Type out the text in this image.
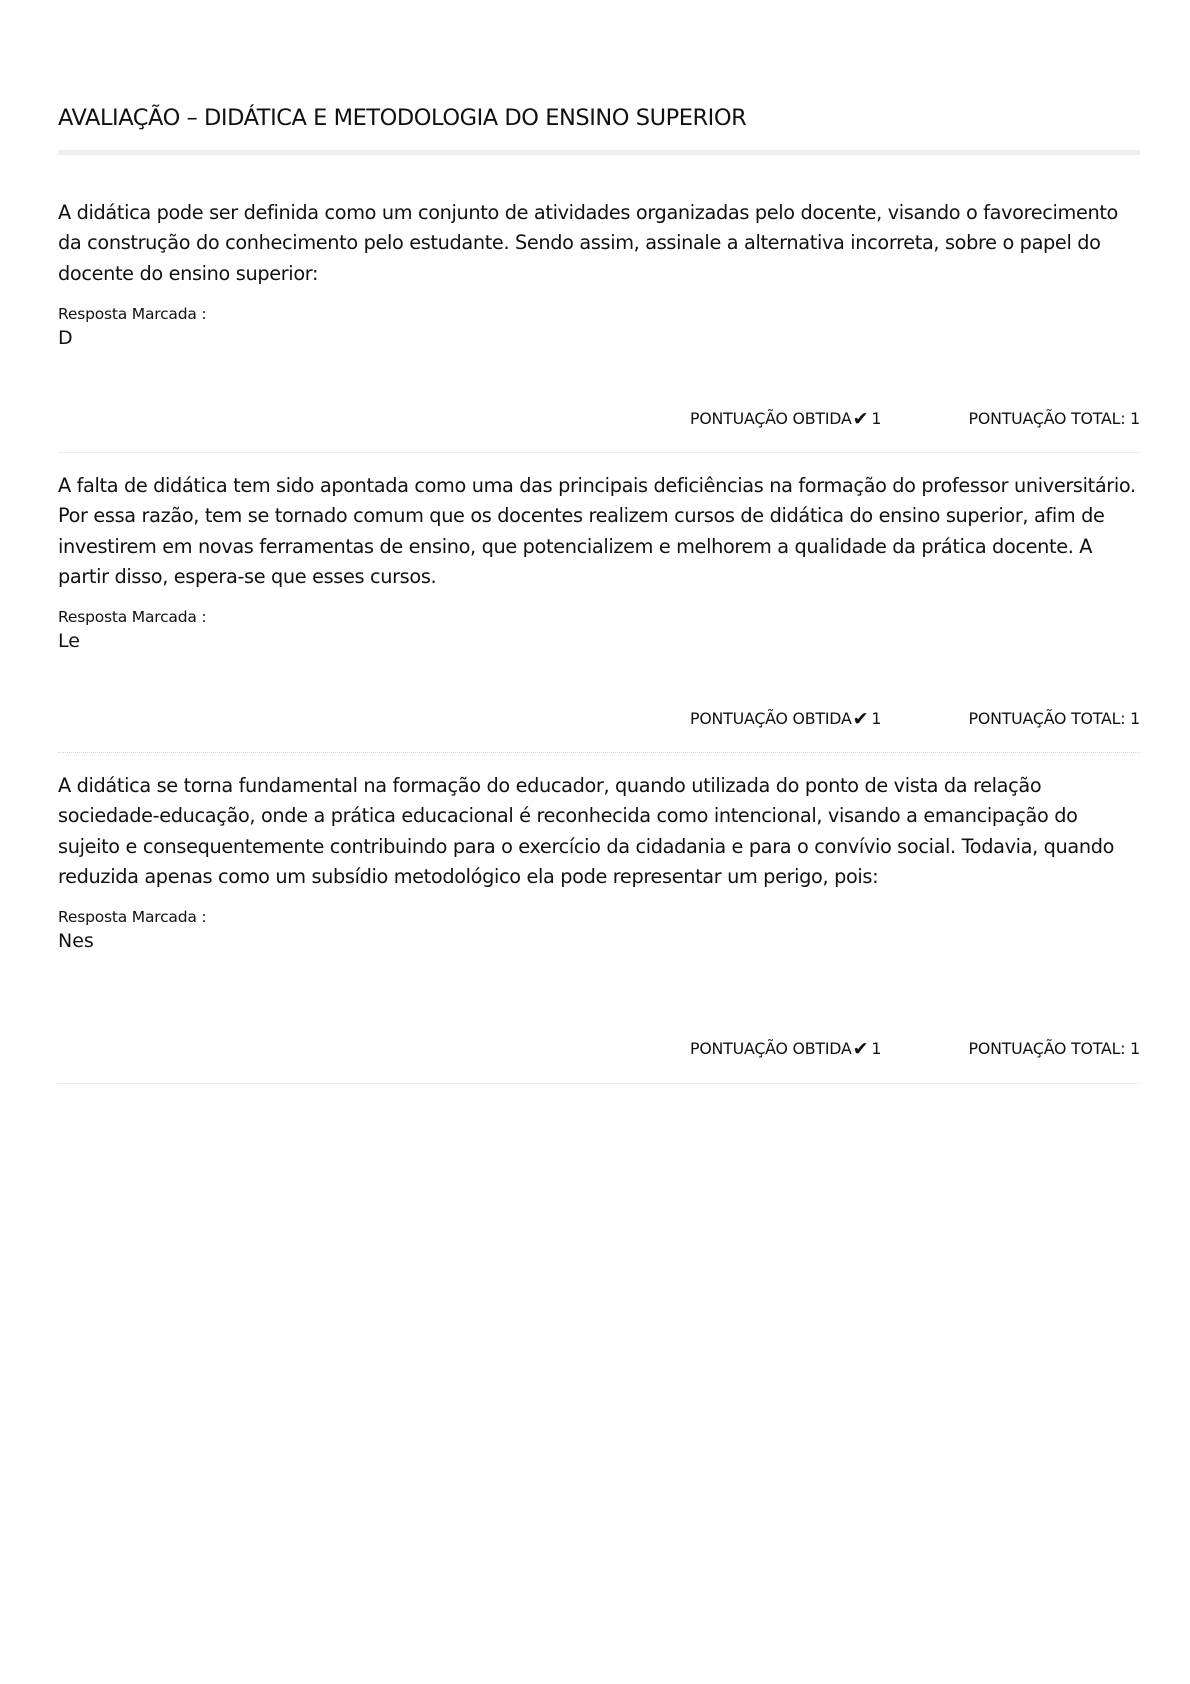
AVALIAÇÃO – DIDÁTICA E METODOLOGIA DO ENSINO SUPERIOR

A didática pode ser definida como um conjunto de atividades organizadas pelo docente, visando o favorecimento da construção do conhecimento pelo estudante. Sendo assim, assinale a alternativa incorreta, sobre o papel do docente do ensino superior:

Resposta Marcada :
D
PONTUAÇÃO OBTIDA✔ 1	PONTUAÇÃO TOTAL: 1

A falta de didática tem sido apontada como uma das principais deficiências na formação do professor universitário. Por essa razão, tem se tornado comum que os docentes realizem cursos de didática do ensino superior, afim de investirem em novas ferramentas de ensino, que potencializem e melhorem a qualidade da prática docente. A partir disso, espera-se que esses cursos.

Resposta Marcada :
Le
PONTUAÇÃO OBTIDA✔ 1	PONTUAÇÃO TOTAL: 1

A didática se torna fundamental na formação do educador, quando utilizada do ponto de vista da relação sociedade-educação, onde a prática educacional é reconhecida como intencional, visando a emancipação do sujeito e consequentemente contribuindo para o exercício da cidadania e para o convívio social. Todavia, quando reduzida apenas como um subsídio metodológico ela pode representar um perigo, pois:

Resposta Marcada :
Nes
PONTUAÇÃO OBTIDA✔ 1	PONTUAÇÃO TOTAL: 1
